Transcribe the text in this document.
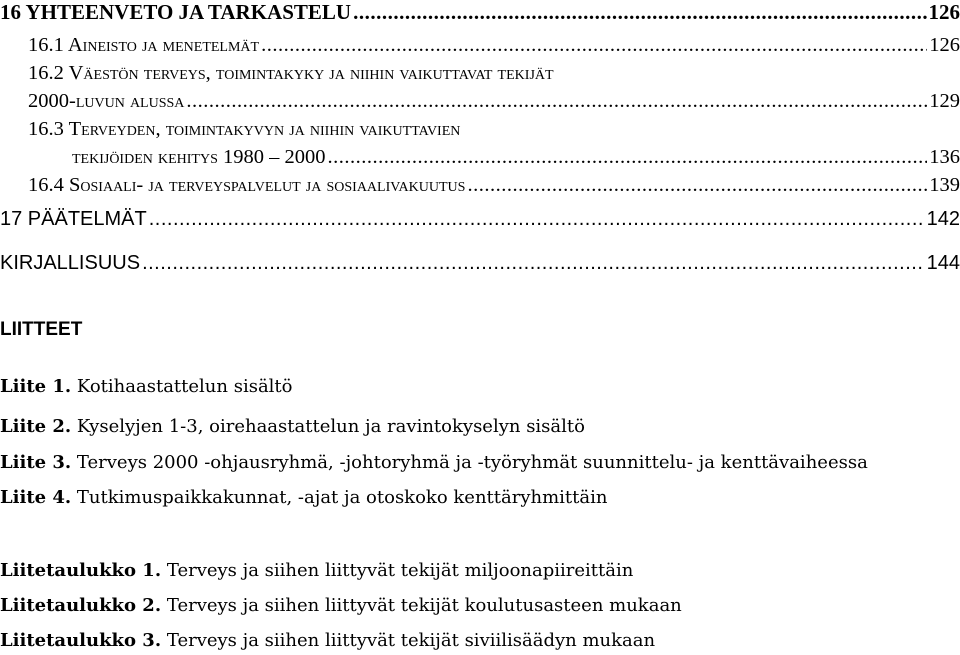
16 YHTEENVETO JA TARKASTELU .....	126
16.1 Aineisto ja menetelmät .....	126
16.2 Väestön terveys, toimintakyky ja niihin vaikuttavat tekijät
2000-luvun alussa .....	129
16.3 Terveyden, toimintakyvyn ja niihin vaikuttavien
tekijöiden kehitys 1980 – 2000 .....	136
16.4 Sosiaali- ja terveyspalvelut ja sosiaalivakuutus .....	139
17 PÄÄTELMÄT .....	142
KIRJALLISUUS .....	144
LIITTEET
Liite 1. Kotihaastattelun sisältö
Liite 2. Kyselyjen 1-3, oirehaastattelun ja ravintokyselyn sisältö
Liite 3. Terveys 2000 -ohjausryhmä, -johtoryhmä ja -työryhmät suunnittelu- ja kenttävaiheessa
Liite 4. Tutkimuspaikkakunnat, -ajat ja otoskoko kenttäryhmittäin
Liitetaulukko 1. Terveys ja siihen liittyvät tekijät miljoonapiireittäin
Liitetaulukko 2. Terveys ja siihen liittyvät tekijät koulutusasteen mukaan
Liitetaulukko 3. Terveys ja siihen liittyvät tekijät siviilisäädyn mukaan
